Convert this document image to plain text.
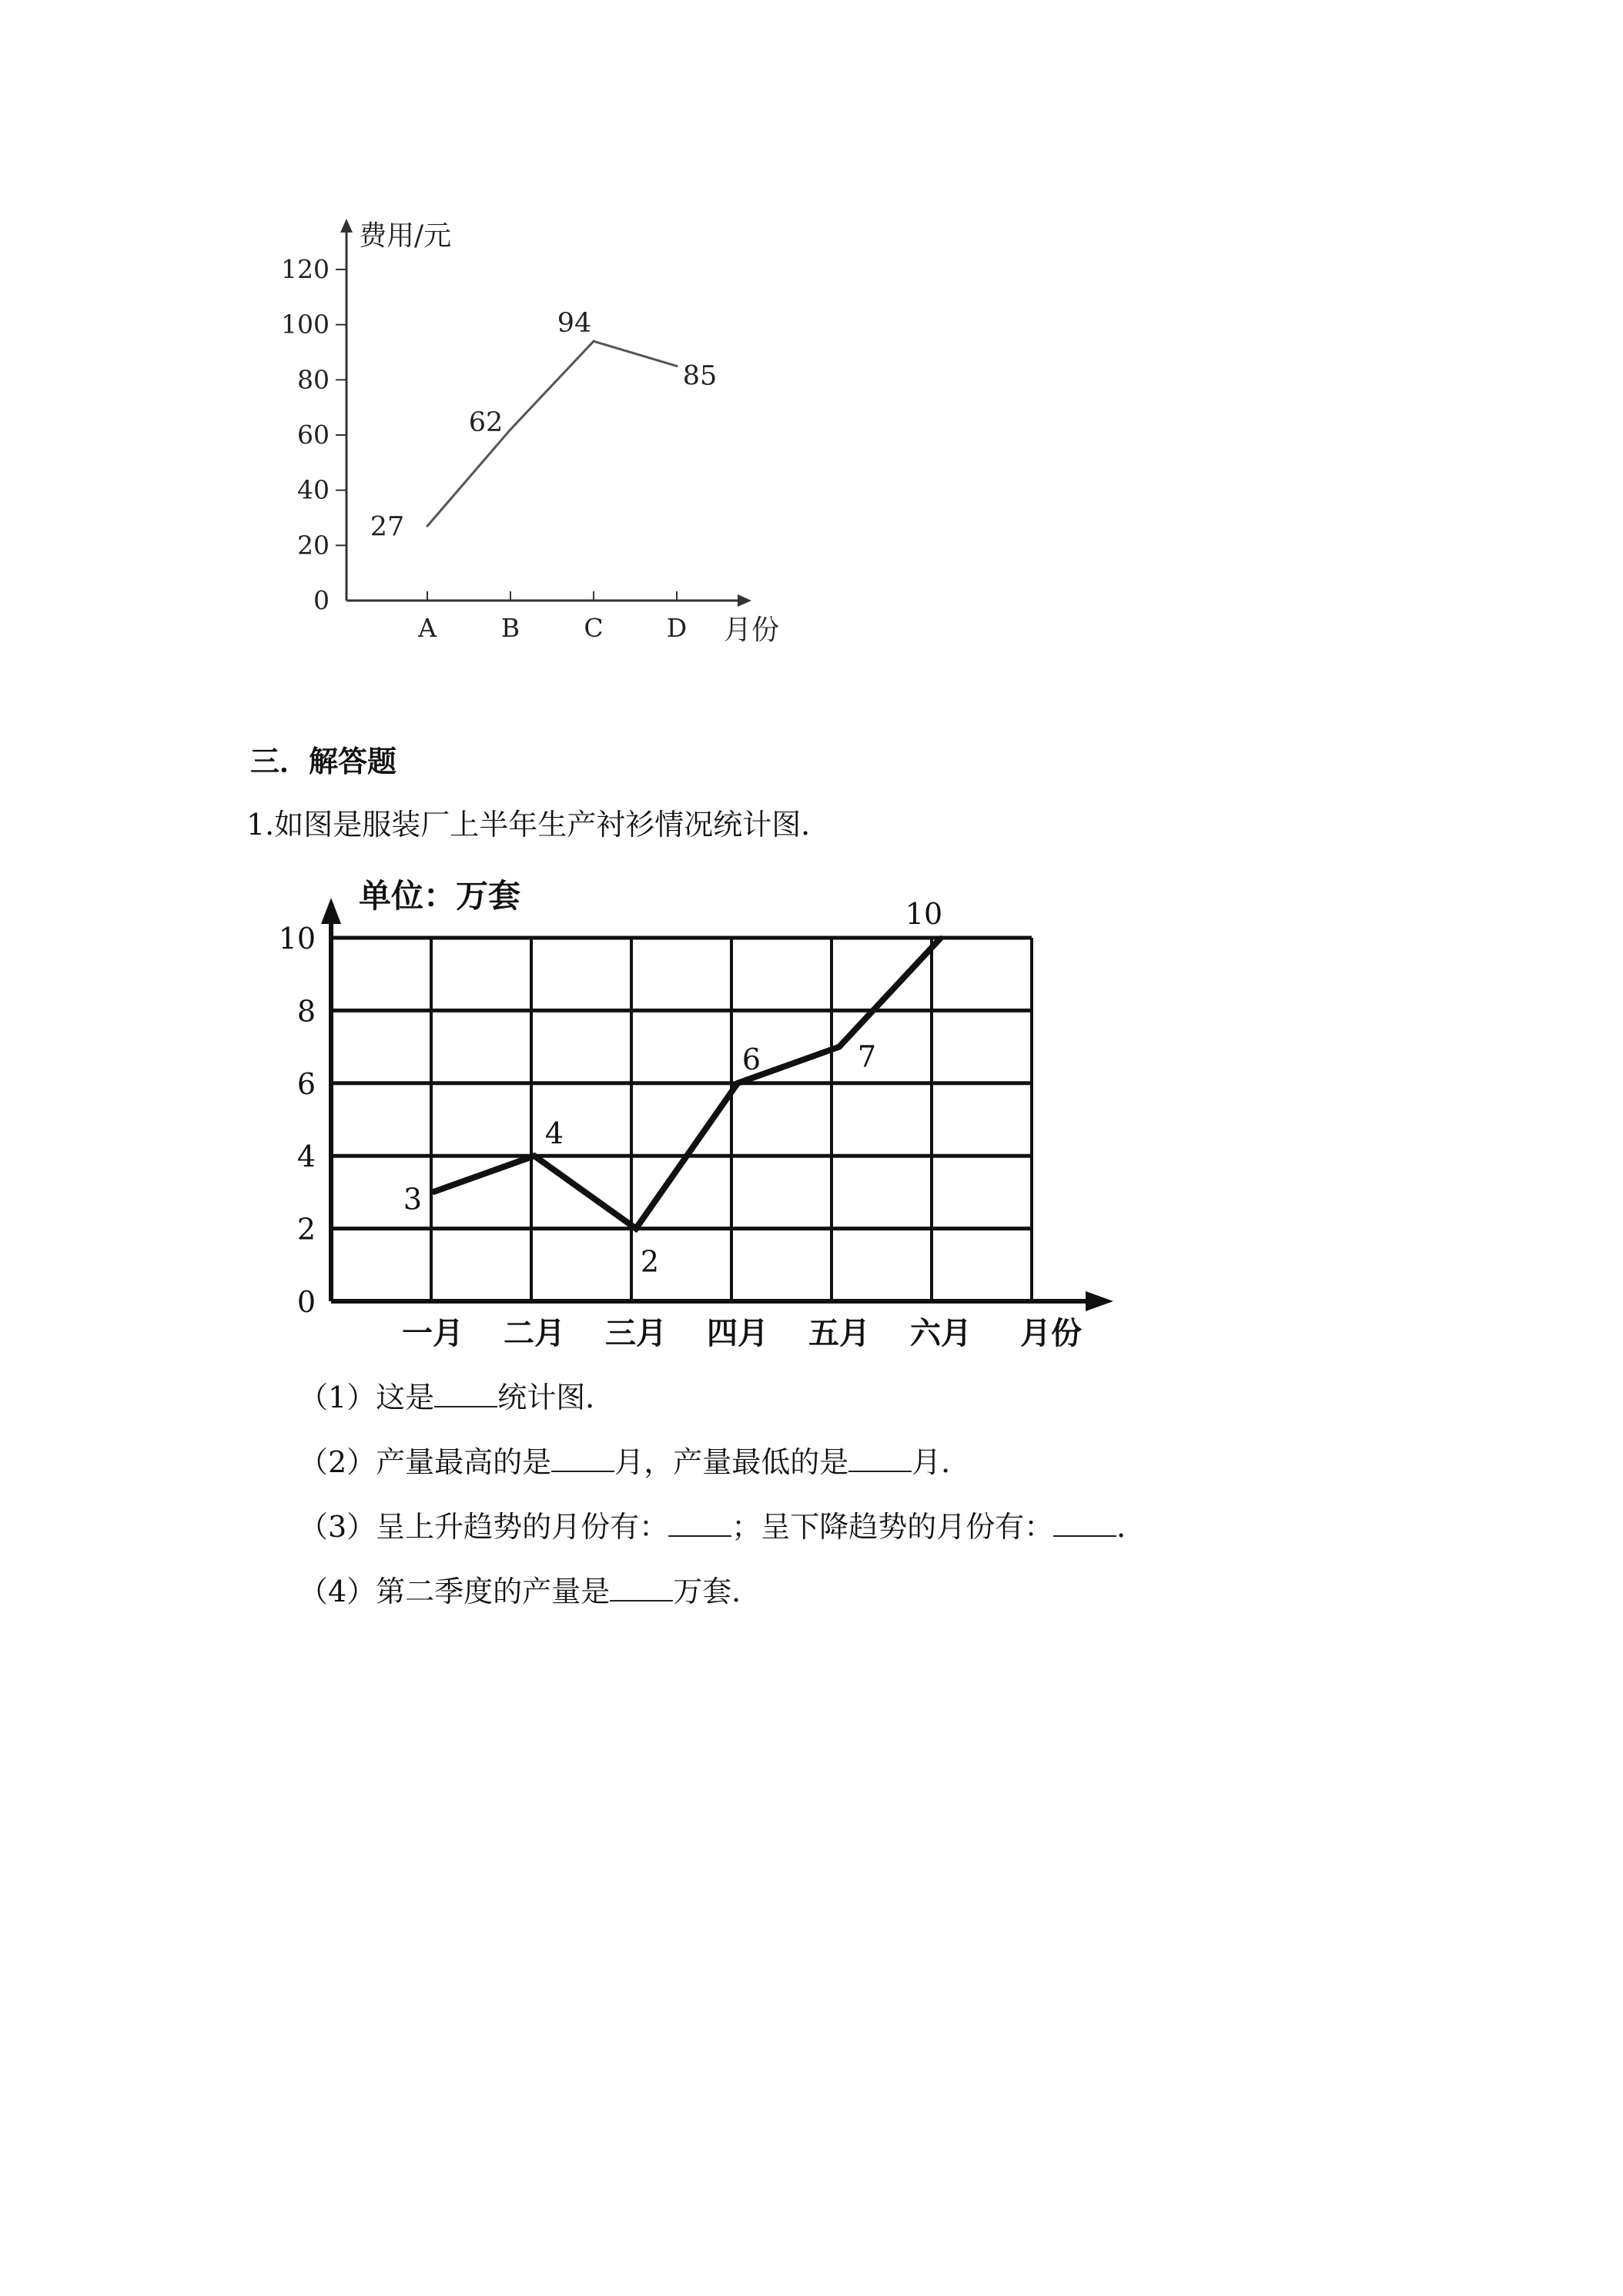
费用/元
月份
0
20
40
60
80
100
120
A	B	C D
27
62
94
85
三．解答题

1.如图是服装厂上半年生产衬衫情况统计图．

单位：万套
0
2
4
6
8
10
一月 二月 三月 四月 五月 六月 月份
3
4
2
6	7
10
（1）这是 统计图．
（2）产量最高的是 月，产量最低的是 月．
（3）呈上升趋势的月份有： ；呈下降趋势的月份有： ．
（4）第二季度的产量是 万套．
